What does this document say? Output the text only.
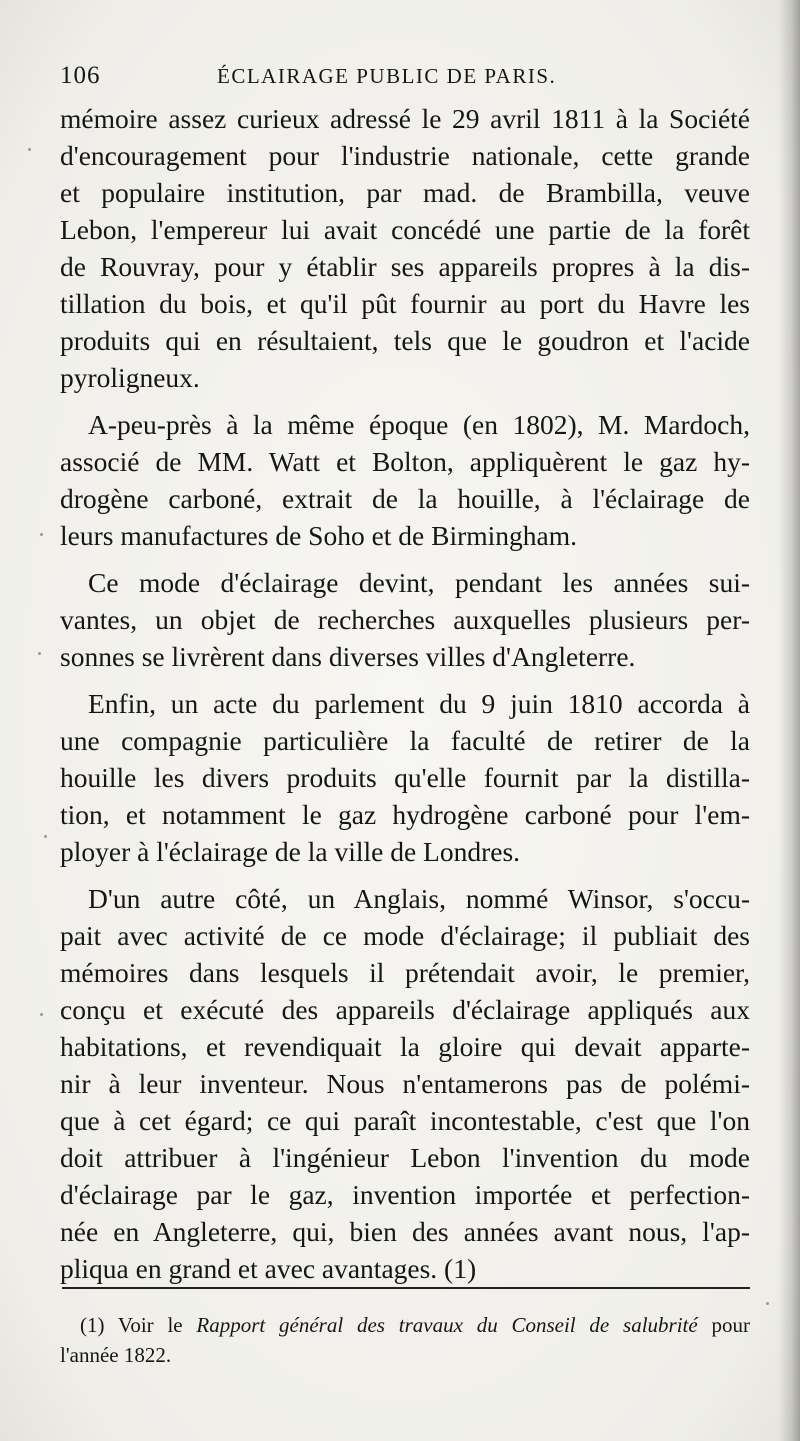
106	ÉCLAIRAGE PUBLIC DE PARIS.
mémoire assez curieux adressé le 29 avril 1811 à la Société
d'encouragement pour l'industrie nationale, cette grande
et populaire institution, par mad. de Brambilla, veuve
Lebon, l'empereur lui avait concédé une partie de la forêt
de Rouvray, pour y établir ses appareils propres à la dis-
tillation du bois, et qu'il pût fournir au port du Havre les
produits qui en résultaient, tels que le goudron et l'acide
pyroligneux.
A-peu-près à la même époque (en 1802), M. Mardoch,
associé de MM. Watt et Bolton, appliquèrent le gaz hy-
drogène carboné, extrait de la houille, à l'éclairage de
leurs manufactures de Soho et de Birmingham.
Ce mode d'éclairage devint, pendant les années sui-
vantes, un objet de recherches auxquelles plusieurs per-
sonnes se livrèrent dans diverses villes d'Angleterre.
Enfin, un acte du parlement du 9 juin 1810 accorda à
une compagnie particulière la faculté de retirer de la
houille les divers produits qu'elle fournit par la distilla-
tion, et notamment le gaz hydrogène carboné pour l'em-
ployer à l'éclairage de la ville de Londres.
D'un autre côté, un Anglais, nommé Winsor, s'occu-
pait avec activité de ce mode d'éclairage; il publiait des
mémoires dans lesquels il prétendait avoir, le premier,
conçu et exécuté des appareils d'éclairage appliqués aux
habitations, et revendiquait la gloire qui devait apparte-
nir à leur inventeur. Nous n'entamerons pas de polémi-
que à cet égard; ce qui paraît incontestable, c'est que l'on
doit attribuer à l'ingénieur Lebon l'invention du mode
d'éclairage par le gaz, invention importée et perfection-
née en Angleterre, qui, bien des années avant nous, l'ap-
pliqua en grand et avec avantages. (1)
(1) Voir le Rapport général des travaux du Conseil de salubrité pour
l'année 1822.
